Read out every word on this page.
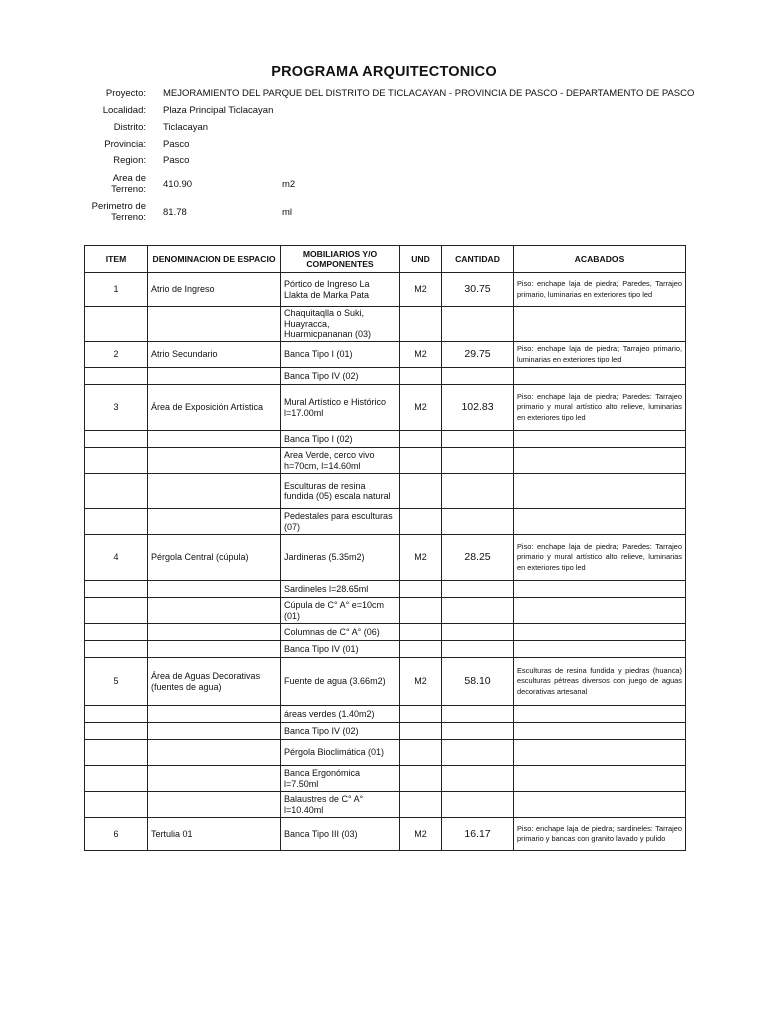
PROGRAMA ARQUITECTONICO
Proyecto: MEJORAMIENTO DEL PARQUE DEL DISTRITO DE TICLACAYAN - PROVINCIA DE PASCO - DEPARTAMENTO DE PASCO
Localidad: Plaza Principal Ticlacayan
Distrito: Ticlacayan
Provincia: Pasco
Region: Pasco
Area de Terreno: 410.90	m2
Perimetro de Terreno: 81.78	ml
ITEM	DENOMINACION DE ESPACIO	MOBILIARIOS Y/O COMPONENTES	UND	CANTIDAD	ACABADOS
1	Atrio de Ingreso	Pórtico de Ingreso La Llakta de Marka Pata	M2	30.75	Piso: enchape laja de piedra; Paredes, Tarrajeo primario, luminarias en exteriores tipo led
		Chaquitaqlla o Suki, Huayracca, Huarmicpananan (03)			
2	Atrio Secundario	Banca Tipo I (01)	M2	29.75	Piso: enchape laja de piedra; Tarrajeo primario, luminarias en exteriores tipo led
		Banca Tipo IV (02)			
3	Área de Exposición Artística	Mural Artístico e Histórico l=17.00ml	M2	102.83	Piso: enchape laja de piedra; Paredes: Tarrajeo primario y mural artístico alto relieve, luminarias en exteriores tipo led
		Banca Tipo I (02)			
		Area Verde, cerco vivo h=70cm, l=14.60ml			
		Esculturas de resina fundida (05) escala natural			
		Pedestales para esculturas (07)			
4	Pérgola Central (cúpula)	Jardineras (5.35m2)	M2	28.25	Piso: enchape laja de piedra; Paredes: Tarrajeo primario y mural artístico alto relieve, luminarias en exteriores tipo led
		Sardineles l=28.65ml			
		Cúpula de C° A° e=10cm (01)			
		Columnas de C° A° (06)			
		Banca Tipo IV (01)			
5	Área de Aguas Decorativas (fuentes de agua)	Fuente de agua (3.66m2)	M2	58.10	Esculturas de resina fundida y piedras (huanca) esculturas pétreas diversos con juego de aguas decorativas artesanal
		áreas verdes (1.40m2)			
		Banca Tipo IV (02)			
		Pérgola Bioclimática (01)			
		Banca Ergonómica l=7.50ml			
		Balaustres de C° A° l=10.40ml			
6	Tertulia 01	Banca Tipo III (03)	M2	16.17	Piso: enchape laja de piedra; sardineles: Tarrajeo primario y bancas con granito lavado y pulido
